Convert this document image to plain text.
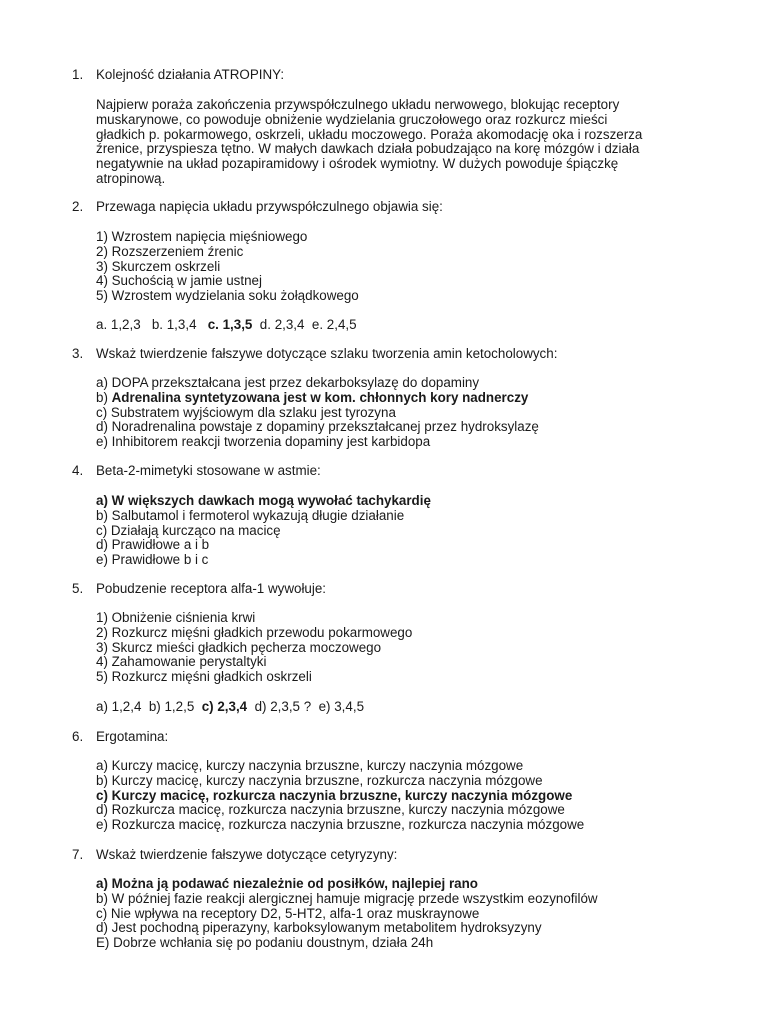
1. Kolejność działania ATROPINY:
Najpierw poraża zakończenia przywspółczulnego układu nerwowego, blokując receptory
muskarynowe, co powoduje obniżenie wydzielania gruczołowego oraz rozkurcz mieści
gładkich p. pokarmowego, oskrzeli, układu moczowego. Poraża akomodację oka i rozszerza
źrenice, przyspiesza tętno. W małych dawkach działa pobudzająco na korę mózgów i działa
negatywnie na układ pozapiramidowy i ośrodek wymiotny. W dużych powoduje śpiączkę
atropinową.
2. Przewaga napięcia układu przywspółczulnego objawia się:
1) Wzrostem napięcia mięśniowego
2) Rozszerzeniem źrenic
3) Skurczem oskrzeli
4) Suchością w jamie ustnej
5) Wzrostem wydzielania soku żołądkowego
a. 1,2,3   b. 1,3,4   c. 1,3,5  d. 2,3,4  e. 2,4,5
3. Wskaż twierdzenie fałszywe dotyczące szlaku tworzenia amin ketocholowych:
a) DOPA przekształcana jest przez dekarboksylazę do dopaminy
b) Adrenalina syntetyzowana jest w kom. chłonnych kory nadnerczy
c) Substratem wyjściowym dla szlaku jest tyrozyna
d) Noradrenalina powstaje z dopaminy przekształcanej przez hydroksylazę
e) Inhibitorem reakcji tworzenia dopaminy jest karbidopa
4. Beta-2-mimetyki stosowane w astmie:
a) W większych dawkach mogą wywołać tachykardię
b) Salbutamol i fermoterol wykazują długie działanie
c) Działają kurcząco na macicę
d) Prawidłowe a i b
e) Prawidłowe b i c
5. Pobudzenie receptora alfa-1 wywołuje:
1) Obniżenie ciśnienia krwi
2) Rozkurcz mięśni gładkich przewodu pokarmowego
3) Skurcz mieści gładkich pęcherza moczowego
4) Zahamowanie perystaltyki
5) Rozkurcz mięśni gładkich oskrzeli
a) 1,2,4  b) 1,2,5  c) 2,3,4  d) 2,3,5 ?  e) 3,4,5
6. Ergotamina:
a) Kurczy macicę, kurczy naczynia brzuszne, kurczy naczynia mózgowe
b) Kurczy macicę, kurczy naczynia brzuszne, rozkurcza naczynia mózgowe
c) Kurczy macicę, rozkurcza naczynia brzuszne, kurczy naczynia mózgowe
d) Rozkurcza macicę, rozkurcza naczynia brzuszne, kurczy naczynia mózgowe
e) Rozkurcza macicę, rozkurcza naczynia brzuszne, rozkurcza naczynia mózgowe
7. Wskaż twierdzenie fałszywe dotyczące cetyryzyny:
a) Można ją podawać niezależnie od posiłków, najlepiej rano
b) W później fazie reakcji alergicznej hamuje migrację przede wszystkim eozynofilów
c) Nie wpływa na receptory D2, 5-HT2, alfa-1 oraz muskraynowe
d) Jest pochodną piperazyny, karboksylowanym metabolitem hydroksyzyny
E) Dobrze wchłania się po podaniu doustnym, działa 24h
